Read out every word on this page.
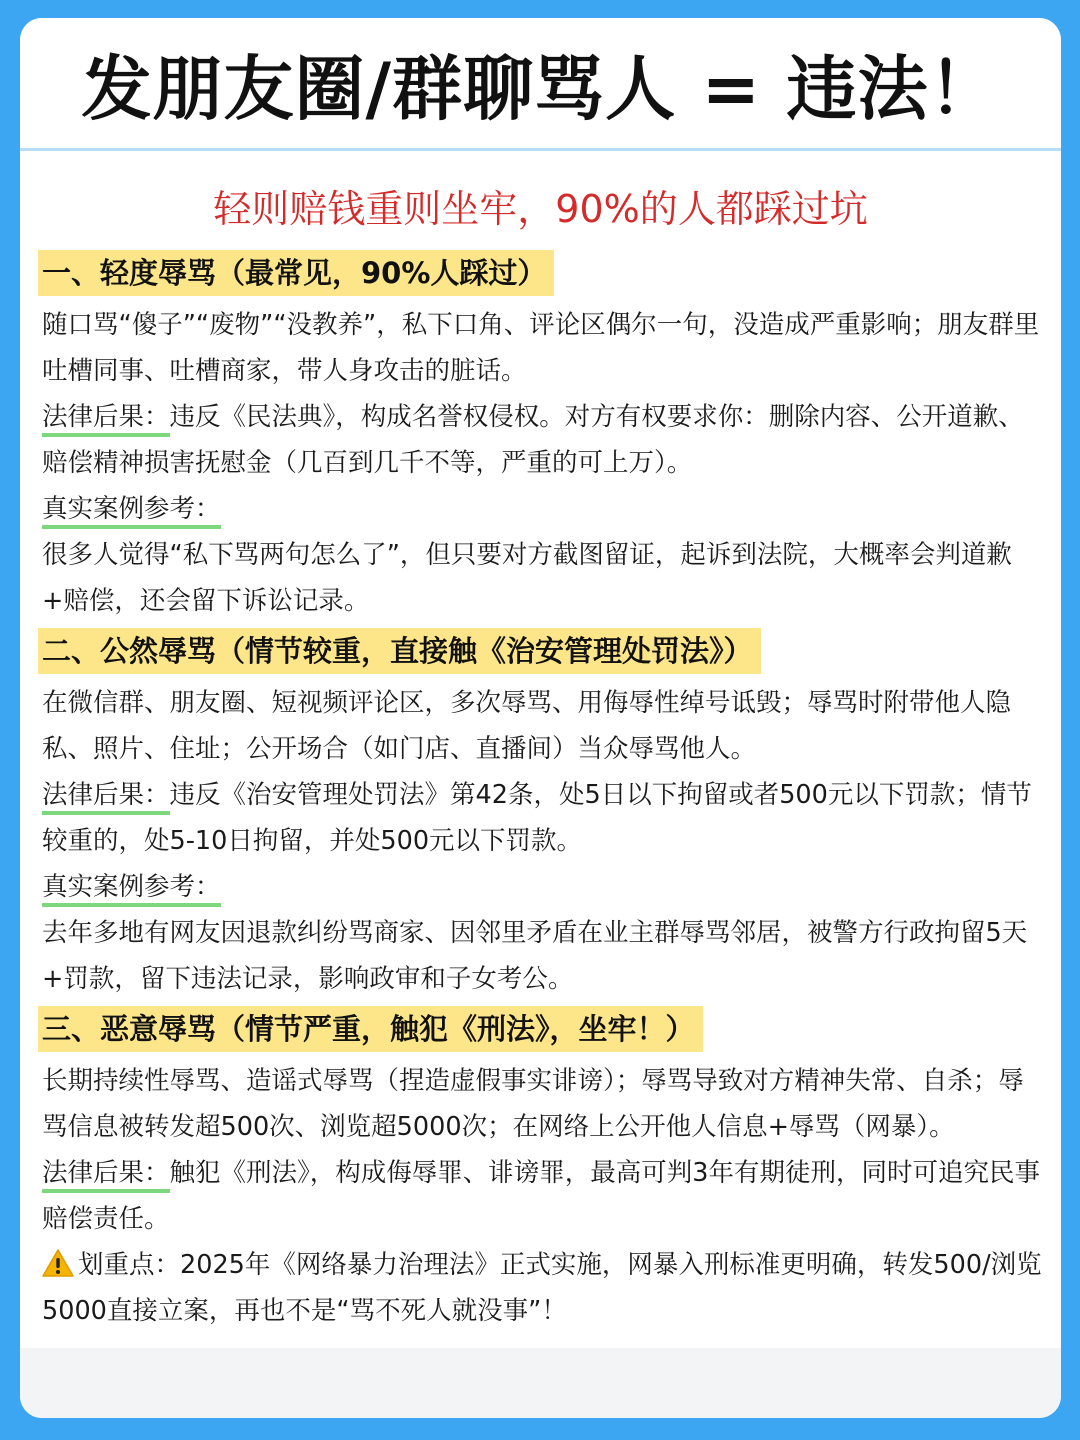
发朋友圈/群聊骂人 = 违法！
轻则赔钱重则坐牢，90%的人都踩过坑
一、轻度辱骂（最常见，90%人踩过）

随口骂“傻子”“废物”“没教养”，私下口角、评论区偶尔一句，没造成严重影响；朋友群里吐槽同事、吐槽商家，带人身攻击的脏话。

法律后果：违反《民法典》，构成名誉权侵权。对方有权要求你：删除内容、公开道歉、赔偿精神损害抚慰金（几百到几千不等，严重的可上万）。

真实案例参考：

很多人觉得“私下骂两句怎么了”，但只要对方截图留证，起诉到法院，大概率会判道歉+赔偿，还会留下诉讼记录。

二、公然辱骂（情节较重，直接触《治安管理处罚法》）

在微信群、朋友圈、短视频评论区，多次辱骂、用侮辱性绰号诋毁；辱骂时附带他人隐私、照片、住址；公开场合（如门店、直播间）当众辱骂他人。

法律后果：违反《治安管理处罚法》第42条，处5日以下拘留或者500元以下罚款；情节较重的，处5-10日拘留，并处500元以下罚款。

真实案例参考：

去年多地有网友因退款纠纷骂商家、因邻里矛盾在业主群辱骂邻居，被警方行政拘留5天+罚款，留下违法记录，影响政审和子女考公。

三、恶意辱骂（情节严重，触犯《刑法》，坐牢！）

长期持续性辱骂、造谣式辱骂（捏造虚假事实诽谤）；辱骂导致对方精神失常、自杀；辱骂信息被转发超500次、浏览超5000次；在网络上公开他人信息+辱骂（网暴）。

法律后果：触犯《刑法》，构成侮辱罪、诽谤罪，最高可判3年有期徒刑，同时可追究民事赔偿责任。

划重点：2025年《网络暴力治理法》正式实施，网暴入刑标准更明确，转发500/浏览5000直接立案，再也不是“骂不死人就没事”！
